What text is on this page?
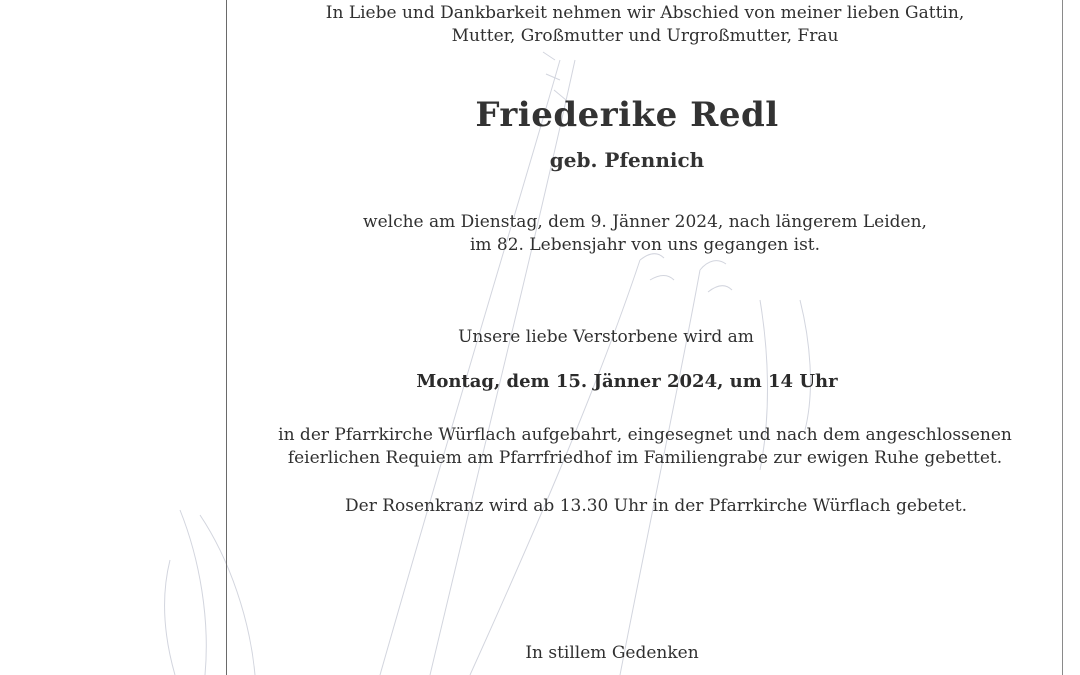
In Liebe und Dankbarkeit nehmen wir Abschied von meiner lieben Gattin,
Mutter, Großmutter und Urgroßmutter, Frau
Friederike Redl
geb. Pfennich
welche am Dienstag, dem 9. Jänner 2024, nach längerem Leiden,
im 82. Lebensjahr von uns gegangen ist.
Unsere liebe Verstorbene wird am
Montag, dem 15. Jänner 2024, um 14 Uhr
in der Pfarrkirche Würflach aufgebahrt, eingesegnet und nach dem angeschlossenen
feierlichen Requiem am Pfarrfriedhof im Familiengrabe zur ewigen Ruhe gebettet.
Der Rosenkranz wird ab 13.30 Uhr in der Pfarrkirche Würflach gebetet.
In stillem Gedenken
